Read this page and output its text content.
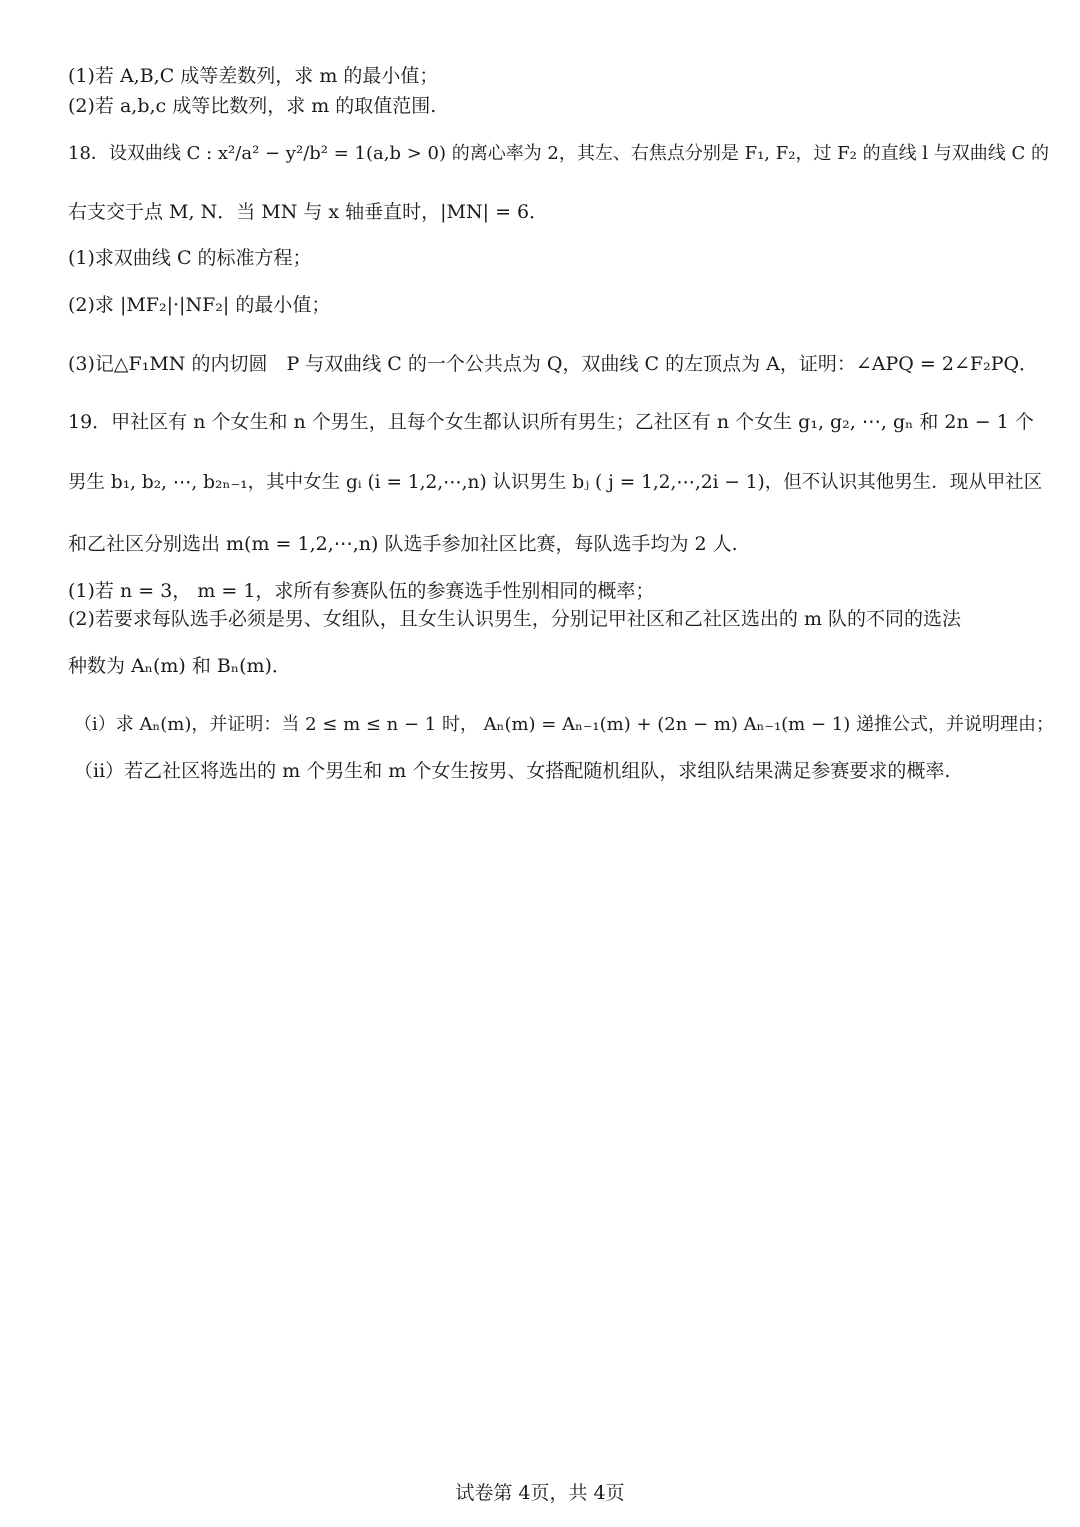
(1)若 A,B,C 成等差数列，求 m 的最小值；
(2)若 a,b,c 成等比数列，求 m 的取值范围.
18．设双曲线 C : x²/a² − y²/b² = 1(a,b > 0) 的离心率为 2，其左、右焦点分别是 F₁, F₂，过 F₂ 的直线 l 与双曲线 C 的
右支交于点 M, N．当 MN 与 x 轴垂直时，|MN| = 6．
(1)求双曲线 C 的标准方程；
(2)求 |MF₂|·|NF₂| 的最小值；
(3)记△F₁MN 的内切圆　P 与双曲线 C 的一个公共点为 Q，双曲线 C 的左顶点为 A，证明：∠APQ = 2∠F₂PQ．
19．甲社区有 n 个女生和 n 个男生，且每个女生都认识所有男生；乙社区有 n 个女生 g₁, g₂, ⋯, gₙ 和 2n − 1 个
男生 b₁, b₂, ⋯, b₂ₙ₋₁，其中女生 gᵢ (i = 1,2,⋯,n) 认识男生 bⱼ ( j = 1,2,⋯,2i − 1)，但不认识其他男生．现从甲社区
和乙社区分别选出 m(m = 1,2,⋯,n) 队选手参加社区比赛，每队选手均为 2 人.
(1)若 n = 3， m = 1，求所有参赛队伍的参赛选手性别相同的概率；
(2)若要求每队选手必须是男、女组队，且女生认识男生，分别记甲社区和乙社区选出的 m 队的不同的选法
种数为 Aₙ(m) 和 Bₙ(m)．
（i）求 Aₙ(m)，并证明：当 2 ≤ m ≤ n − 1 时， Aₙ(m) = Aₙ₋₁(m) + (2n − m) Aₙ₋₁(m − 1) 递推公式，并说明理由；
（ii）若乙社区将选出的 m 个男生和 m 个女生按男、女搭配随机组队，求组队结果满足参赛要求的概率.
试卷第 4页，共 4页
